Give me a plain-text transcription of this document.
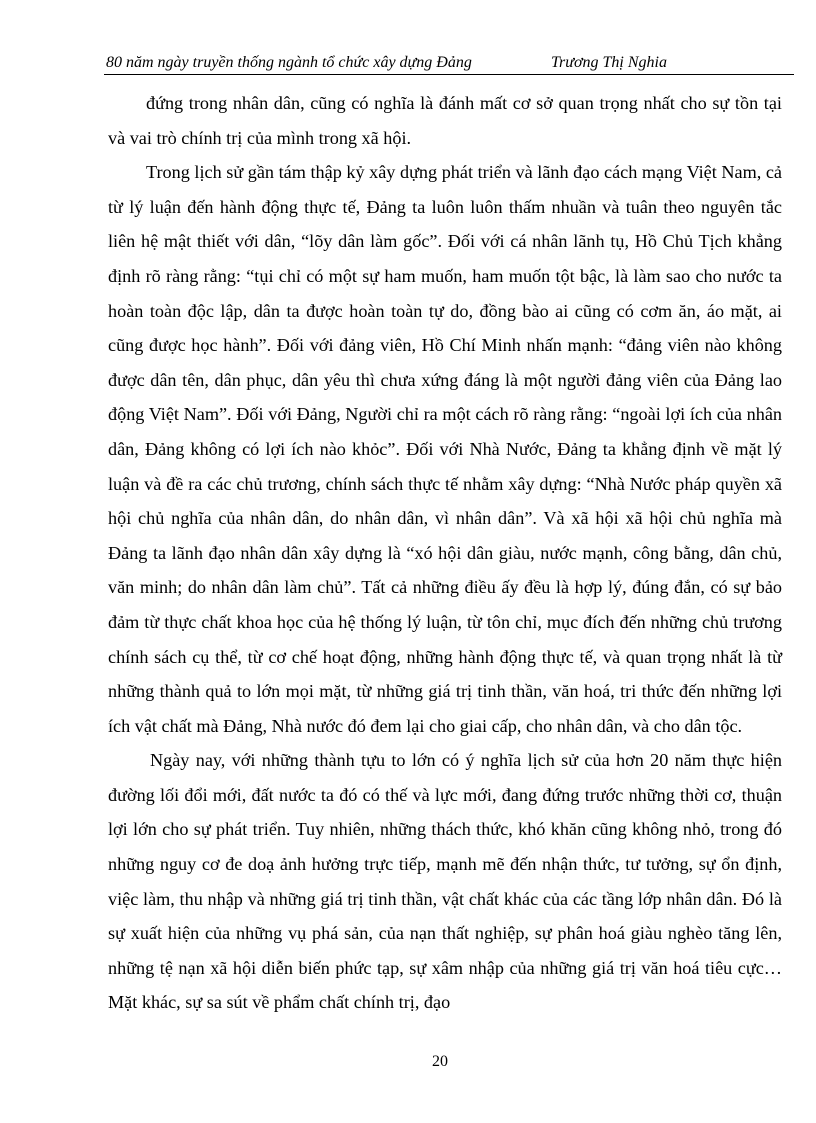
80 năm ngày truyền thống ngành tổ chức xây dựng Đảng	Trương Thị Nghia

đứng trong nhân dân, cũng có nghĩa là đánh mất cơ sở quan trọng nhất cho sự tồn tại và vai trò chính trị của mình trong xã hội.

Trong lịch sử gần tám thập kỷ xây dựng phát triển và lãnh đạo cách mạng Việt Nam, cả từ lý luận đến hành động thực tế, Đảng ta luôn luôn thấm nhuần và tuân theo nguyên tắc liên hệ mật thiết với dân, “lõy dân làm gốc”. Đối với cá nhân lãnh tụ, Hồ Chủ Tịch khẳng định rõ ràng rằng: “tụi chỉ có một sự ham muốn, ham muốn tột bậc, là làm sao cho nước ta hoàn toàn độc lập, dân ta được hoàn toàn tự do, đồng bào ai cũng có cơm ăn, áo mặt, ai cũng được học hành”. Đối với đảng viên, Hồ Chí Minh nhấn mạnh: “đảng viên nào không được dân tên, dân phục, dân yêu thì chưa xứng đáng là một người đảng viên của Đảng lao động Việt Nam”. Đối với Đảng, Người chỉ ra một cách rõ ràng rằng: “ngoài lợi ích của nhân dân, Đảng không có lợi ích nào khỏc”. Đối với Nhà Nước, Đảng ta khẳng định về mặt lý luận và đề ra các chủ trương, chính sách thực tế nhằm xây dựng: “Nhà Nước pháp quyền xã hội chủ nghĩa của nhân dân, do nhân dân, vì nhân dân”. Và xã hội xã hội chủ nghĩa mà Đảng ta lãnh đạo nhân dân xây dựng là “xó hội dân giàu, nước mạnh, công bằng, dân chủ, văn minh; do nhân dân làm chủ”. Tất cả những điều ấy đều là hợp lý, đúng đắn, có sự bảo đảm từ thực chất khoa học của hệ thống lý luận, từ tôn chỉ, mục đích đến những chủ trương chính sách cụ thể, từ cơ chế hoạt động, những hành động thực tế, và quan trọng nhất là từ những thành quả to lớn mọi mặt, từ những giá trị tinh thần, văn hoá, tri thức đến những lợi ích vật chất mà Đảng, Nhà nước đó đem lại cho giai cấp, cho nhân dân, và cho dân tộc.

Ngày nay, với những thành tựu to lớn có ý nghĩa lịch sử của hơn 20 năm thực hiện đường lối đổi mới, đất nước ta đó có thế và lực mới, đang đứng trước những thời cơ, thuận lợi lớn cho sự phát triển. Tuy nhiên, những thách thức, khó khăn cũng không nhỏ, trong đó những nguy cơ đe doạ ảnh hưởng trực tiếp, mạnh mẽ đến nhận thức, tư tưởng, sự ổn định, việc làm, thu nhập và những giá trị tinh thần, vật chất khác của các tầng lớp nhân dân. Đó là sự xuất hiện của những vụ phá sản, của nạn thất nghiệp, sự phân hoá giàu nghèo tăng lên, những tệ nạn xã hội diễn biến phức tạp, sự xâm nhập của những giá trị văn hoá tiêu cực… Mặt khác, sự sa sút về phẩm chất chính trị, đạo

20
